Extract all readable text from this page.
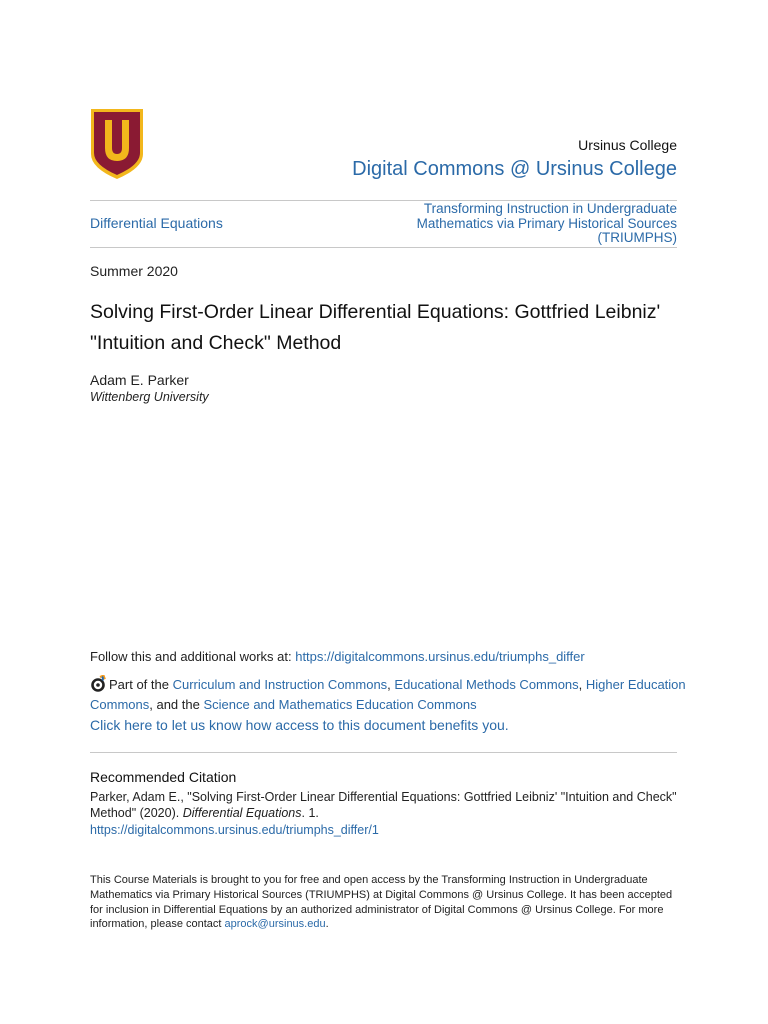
Ursinus College
Digital Commons @ Ursinus College
Differential Equations
Transforming Instruction in Undergraduate Mathematics via Primary Historical Sources (TRIUMPHS)
Summer 2020
Solving First-Order Linear Differential Equations: Gottfried Leibniz' "Intuition and Check" Method
Adam E. Parker
Wittenberg University
Follow this and additional works at: https://digitalcommons.ursinus.edu/triumphs_differ
Part of the Curriculum and Instruction Commons, Educational Methods Commons, Higher Education Commons, and the Science and Mathematics Education Commons
Click here to let us know how access to this document benefits you.
Recommended Citation
Parker, Adam E., "Solving First-Order Linear Differential Equations: Gottfried Leibniz' "Intuition and Check" Method" (2020). Differential Equations. 1.
https://digitalcommons.ursinus.edu/triumphs_differ/1
This Course Materials is brought to you for free and open access by the Transforming Instruction in Undergraduate Mathematics via Primary Historical Sources (TRIUMPHS) at Digital Commons @ Ursinus College. It has been accepted for inclusion in Differential Equations by an authorized administrator of Digital Commons @ Ursinus College. For more information, please contact aprock@ursinus.edu.
